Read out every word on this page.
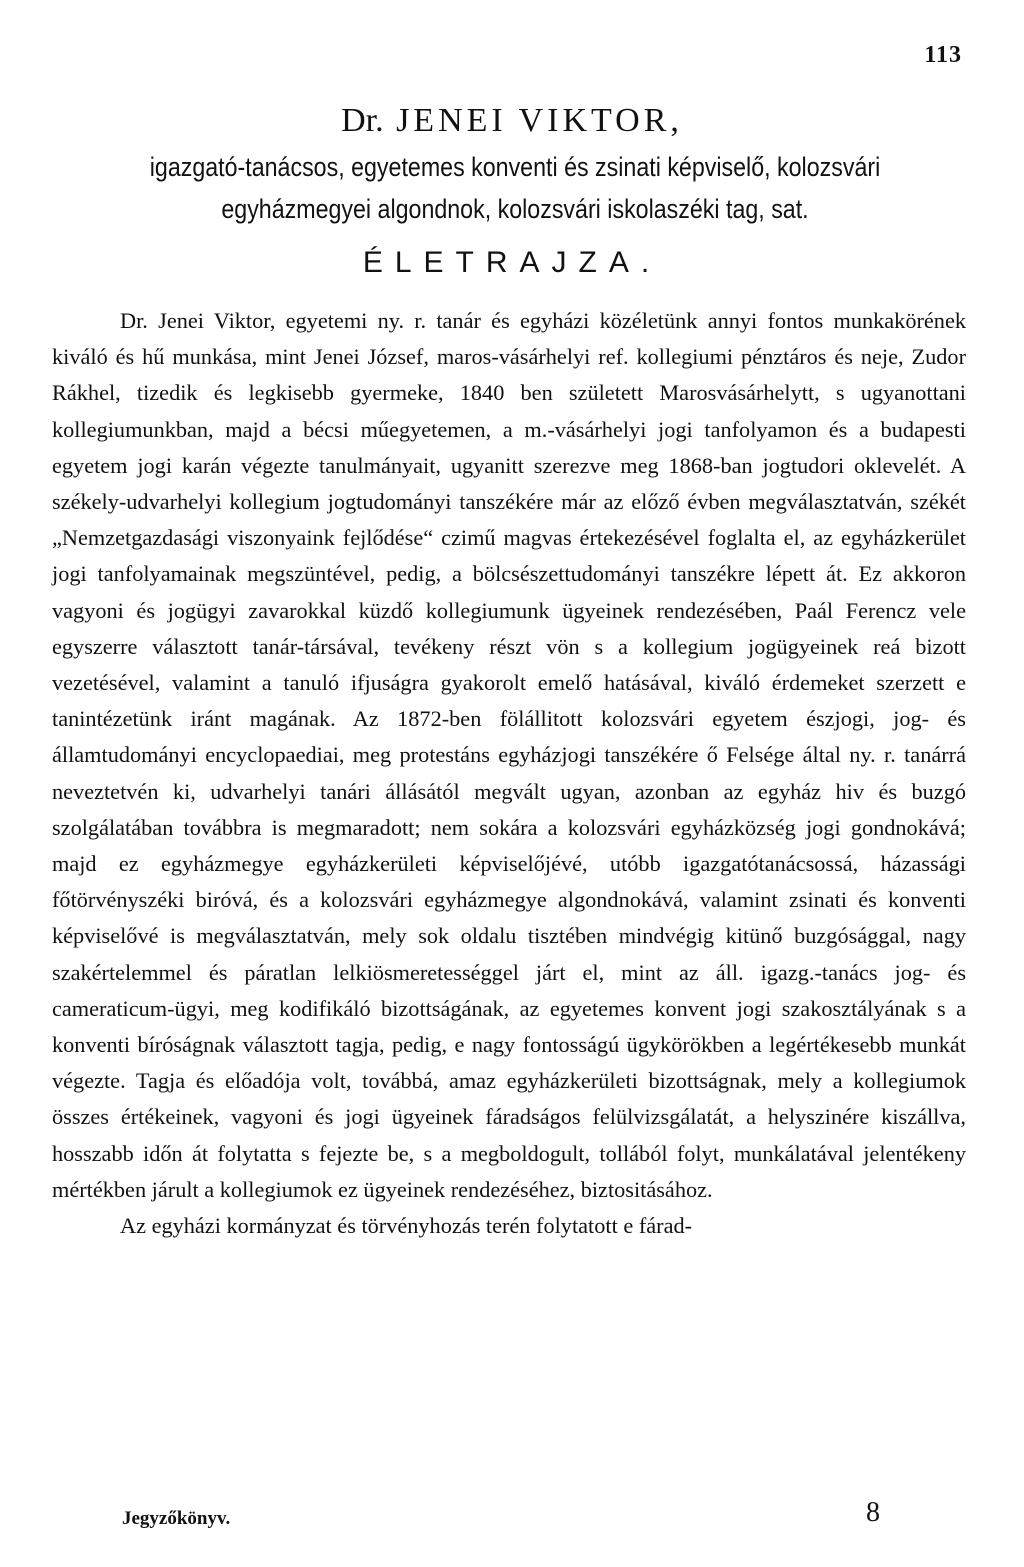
113
Dr. JENEI VIKTOR,
igazgató-tanácsos, egyetemes konventi és zsinati képviselő, kolozsvári egyházmegyei algondnok, kolozsvári iskolaszéki tag, sat.
ÉLETRAJZA.

Dr. Jenei Viktor, egyetemi ny. r. tanár és egyházi közéletünk annyi fontos munkakörének kiváló és hű munkása, mint Jenei József, maros-vásárhelyi ref. kollegiumi pénztáros és neje, Zudor Rákhel, tizedik és legkisebb gyermeke, 1840 ben született Marosvásárhelytt, s ugyanottani kollegiumunkban, majd a bécsi műegyetemen, a m.-vásárhelyi jogi tanfolyamon és a budapesti egyetem jogi karán végezte tanulmányait, ugyanitt szerezve meg 1868-ban jogtudori oklevelét. A székely-udvarhelyi kollegium jogtudományi tanszékére már az előző évben megválasztatván, székét „Nemzetgazdasági viszonyaink fejlődése“ czimű magvas értekezésével foglalta el, az egyházkerület jogi tanfolyamainak megszüntével, pedig, a bölcsészettudományi tanszékre lépett át. Ez akkoron vagyoni és jogügyi zavarokkal küzdő kollegiumunk ügyeinek rendezésében, Paál Ferencz vele egyszerre választott tanár-társával, tevékeny részt vön s a kollegium jogügyeinek reá bizott vezetésével, valamint a tanuló ifjuságra gyakorolt emelő hatásával, kiváló érdemeket szerzett e tanintézetünk iránt magának. Az 1872-ben fölállitott kolozsvári egyetem észjogi, jog- és államtudományi encyclopaediai, meg protestáns egyházjogi tanszékére ő Felsége által ny. r. tanárrá neveztetvén ki, udvarhelyi tanári állásától megvált ugyan, azonban az egyház hiv és buzgó szolgálatában továbbra is megmaradott; nem sokára a kolozsvári egyházközség jogi gondnokává; majd ez egyházmegye egyházkerületi képviselőjévé, utóbb igazgatótanácsossá, házassági főtörvényszéki biróvá, és a kolozsvári egyházmegye algondnokává, valamint zsinati és konventi képviselővé is megválasztatván, mely sok oldalu tisztében mindvégig kitünő buzgósággal, nagy szakértelemmel és páratlan lelkiösmeretességgel járt el, mint az áll. igazg.-tanács jog- és cameraticum-ügyi, meg kodifikáló bizottságának, az egyetemes konvent jogi szakosztályának s a konventi bíróságnak választott tagja, pedig, e nagy fontosságú ügykörökben a legértékesebb munkát végezte. Tagja és előadója volt, továbbá, amaz egyházkerületi bizottságnak, mely a kollegiumok összes értékeinek, vagyoni és jogi ügyeinek fáradságos felülvizsgálatát, a helyszinére kiszállva, hosszabb időn át folytatta s fejezte be, s a megboldogult, tollából folyt, munkálatával jelentékeny mértékben járult a kollegiumok ez ügyeinek rendezéséhez, biztositásához.

Az egyházi kormányzat és törvényhozás terén folytatott e fárad-

Jegyzőkönyv.	8
